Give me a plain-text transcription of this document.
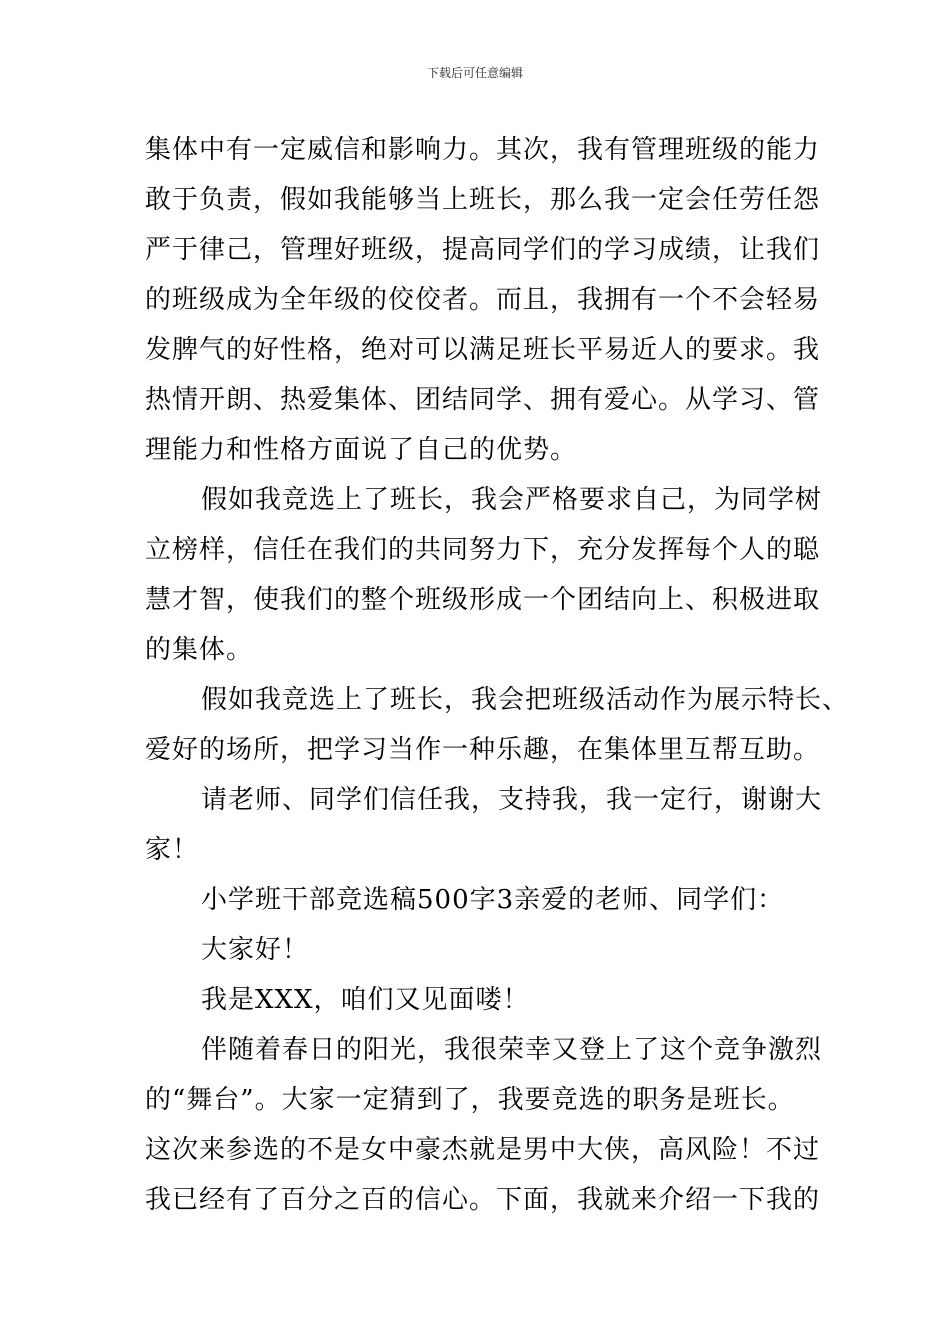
下载后可任意编辑
集体中有一定威信和影响力。其次，我有管理班级的能力
敢于负责，假如我能够当上班长，那么我一定会任劳任怨
严于律己，管理好班级，提高同学们的学习成绩，让我们
的班级成为全年级的佼佼者。而且，我拥有一个不会轻易
发脾气的好性格，绝对可以满足班长平易近人的要求。我
热情开朗、热爱集体、团结同学、拥有爱心。从学习、管
理能力和性格方面说了自己的优势。
假如我竞选上了班长，我会严格要求自己，为同学树
立榜样，信任在我们的共同努力下，充分发挥每个人的聪
慧才智，使我们的整个班级形成一个团结向上、积极进取
的集体。
假如我竞选上了班长，我会把班级活动作为展示特长、
爱好的场所，把学习当作一种乐趣，在集体里互帮互助。
请老师、同学们信任我，支持我，我一定行，谢谢大
家！
小学班干部竞选稿500字3亲爱的老师、同学们：
大家好！
我是XXX，咱们又见面喽！
伴随着春日的阳光，我很荣幸又登上了这个竞争激烈
的“舞台”。大家一定猜到了，我要竞选的职务是班长。
这次来参选的不是女中豪杰就是男中大侠，高风险！不过
我已经有了百分之百的信心。下面，我就来介绍一下我的
